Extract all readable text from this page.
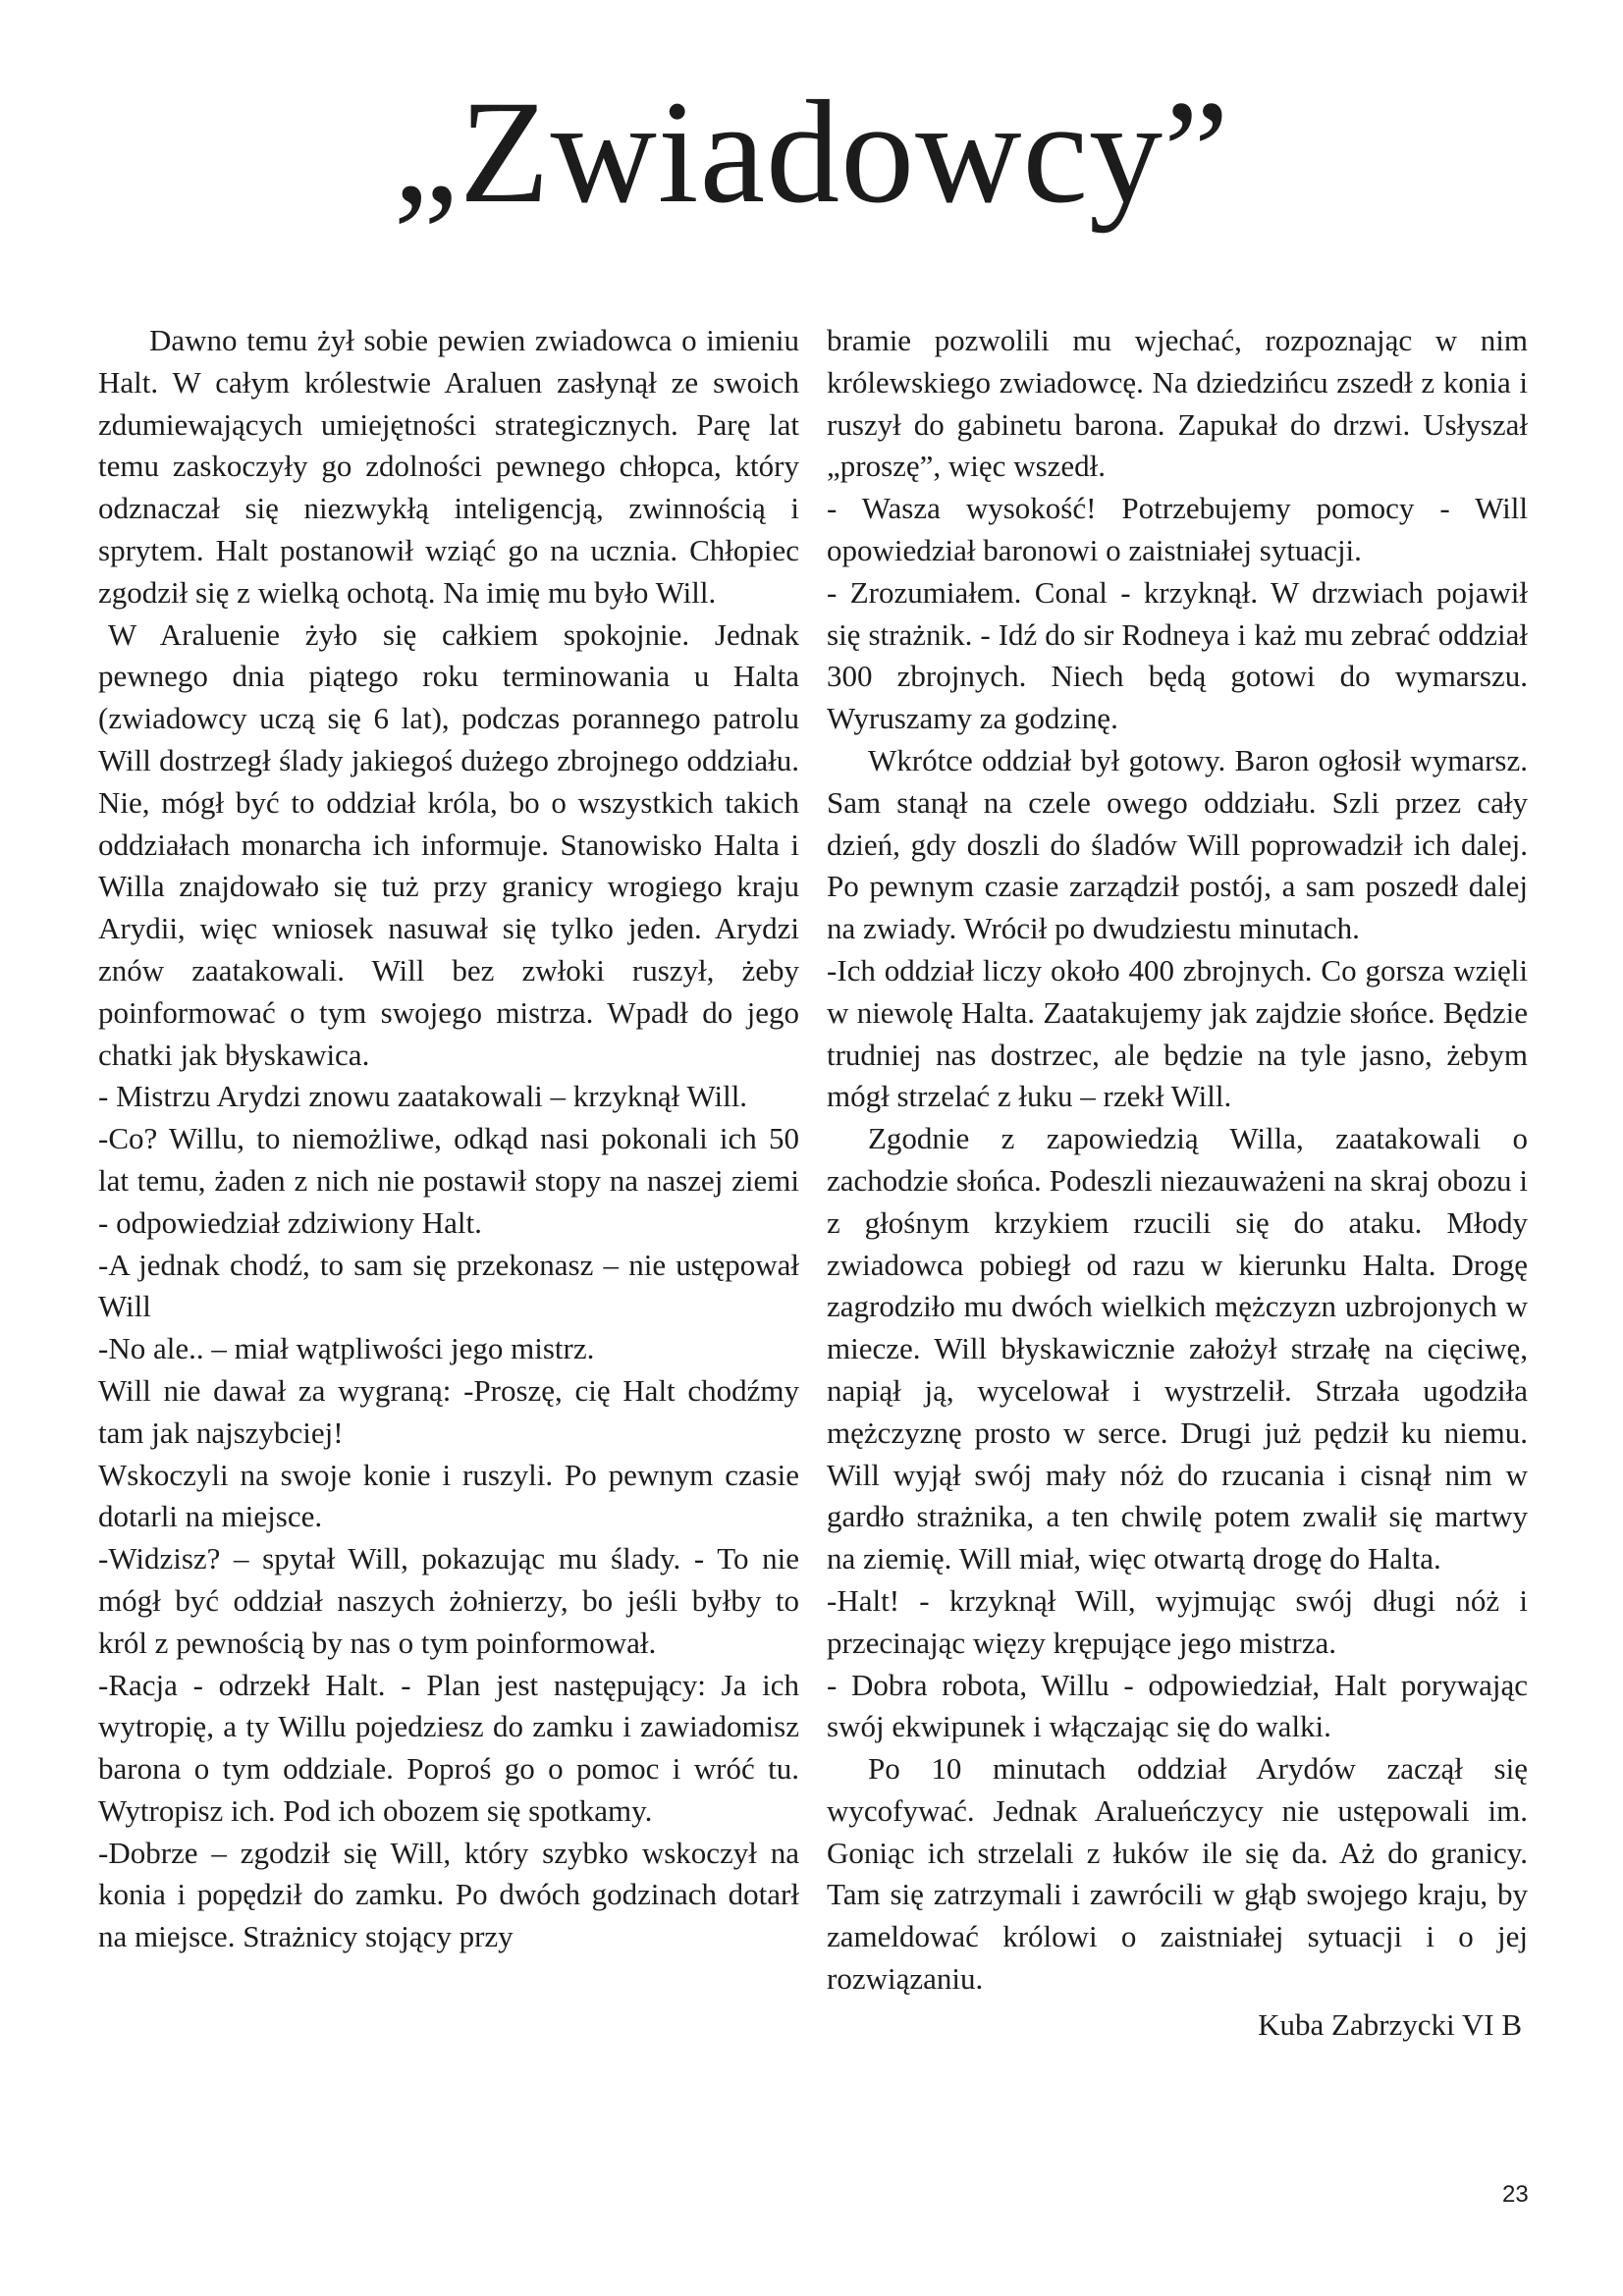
„Zwiadowcy”

Dawno temu żył sobie pewien zwiadowca o imieniu Halt. W całym królestwie Araluen zasłynął ze swoich zdumiewających umiejętności strategicznych. Parę lat temu zaskoczyły go zdolności pewnego chłopca, który odznaczał się niezwykłą inteligencją, zwinnością i sprytem. Halt postanowił wziąć go na ucznia. Chłopiec zgodził się z wielką ochotą. Na imię mu było Will.

W Araluenie żyło się całkiem spokojnie. Jednak pewnego dnia piątego roku terminowania u Halta (zwiadowcy uczą się 6 lat), podczas porannego patrolu Will dostrzegł ślady jakiegoś dużego zbrojnego oddziału. Nie, mógł być to oddział króla, bo o wszystkich takich oddziałach monarcha ich informuje. Stanowisko Halta i Willa znajdowało się tuż przy granicy wrogiego kraju Arydii, więc wniosek nasuwał się tylko jeden. Arydzi znów zaatakowali. Will bez zwłoki ruszył, żeby poinformować o tym swojego mistrza. Wpadł do jego chatki jak błyskawica.

- Mistrzu Arydzi znowu zaatakowali – krzyknął Will.

-Co? Willu, to niemożliwe, odkąd nasi pokonali ich 50 lat temu, żaden z nich nie postawił stopy na naszej ziemi - odpowiedział zdziwiony Halt.

-A jednak chodź, to sam się przekonasz – nie ustępował Will

-No ale.. – miał wątpliwości jego mistrz.

Will nie dawał za wygraną: -Proszę, cię Halt chodźmy tam jak najszybciej!

Wskoczyli na swoje konie i ruszyli. Po pewnym czasie dotarli na miejsce.

-Widzisz? – spytał Will, pokazując mu ślady. - To nie mógł być oddział naszych żołnierzy, bo jeśli byłby to król z pewnością by nas o tym poinformował.

-Racja - odrzekł Halt. - Plan jest następujący: Ja ich wytropię, a ty Willu pojedziesz do zamku i zawiadomisz barona o tym oddziale. Poproś go o pomoc i wróć tu. Wytropisz ich. Pod ich obozem się spotkamy.

-Dobrze – zgodził się Will, który szybko wskoczył na konia i popędził do zamku. Po dwóch godzinach dotarł na miejsce. Strażnicy stojący przy

bramie pozwolili mu wjechać, rozpoznając w nim królewskiego zwiadowcę. Na dziedzińcu zszedł z konia i ruszył do gabinetu barona. Zapukał do drzwi. Usłyszał „proszę”, więc wszedł.

- Wasza wysokość! Potrzebujemy pomocy - Will opowiedział baronowi o zaistniałej sytuacji.

- Zrozumiałem. Conal - krzyknął. W drzwiach pojawił się strażnik. - Idź do sir Rodneya i każ mu zebrać oddział 300 zbrojnych. Niech będą gotowi do wymarszu. Wyruszamy za godzinę.

Wkrótce oddział był gotowy. Baron ogłosił wymarsz. Sam stanął na czele owego oddziału. Szli przez cały dzień, gdy doszli do śladów Will poprowadził ich dalej. Po pewnym czasie zarządził postój, a sam poszedł dalej na zwiady. Wrócił po dwudziestu minutach.

-Ich oddział liczy około 400 zbrojnych. Co gorsza wzięli w niewolę Halta. Zaatakujemy jak zajdzie słońce. Będzie trudniej nas dostrzec, ale będzie na tyle jasno, żebym mógł strzelać z łuku – rzekł Will.

Zgodnie z zapowiedzią Willa, zaatakowali o zachodzie słońca. Podeszli niezauważeni na skraj obozu i z głośnym krzykiem rzucili się do ataku. Młody zwiadowca pobiegł od razu w kierunku Halta. Drogę zagrodziło mu dwóch wielkich mężczyzn uzbrojonych w miecze. Will błyskawicznie założył strzałę na cięciwę, napiął ją, wycelował i wystrzelił. Strzała ugodziła mężczyznę prosto w serce. Drugi już pędził ku niemu. Will wyjął swój mały nóż do rzucania i cisnął nim w gardło strażnika, a ten chwilę potem zwalił się martwy na ziemię. Will miał, więc otwartą drogę do Halta.

-Halt! - krzyknął Will, wyjmując swój długi nóż i przecinając więzy krępujące jego mistrza.

- Dobra robota, Willu - odpowiedział, Halt porywając swój ekwipunek i włączając się do walki.

Po 10 minutach oddział Arydów zaczął się wycofywać. Jednak Aralueńczycy nie ustępowali im. Goniąc ich strzelali z łuków ile się da. Aż do granicy. Tam się zatrzymali i zawrócili w głąb swojego kraju, by zameldować królowi o zaistniałej sytuacji i o jej rozwiązaniu.

Kuba Zabrzycki VI B

23
